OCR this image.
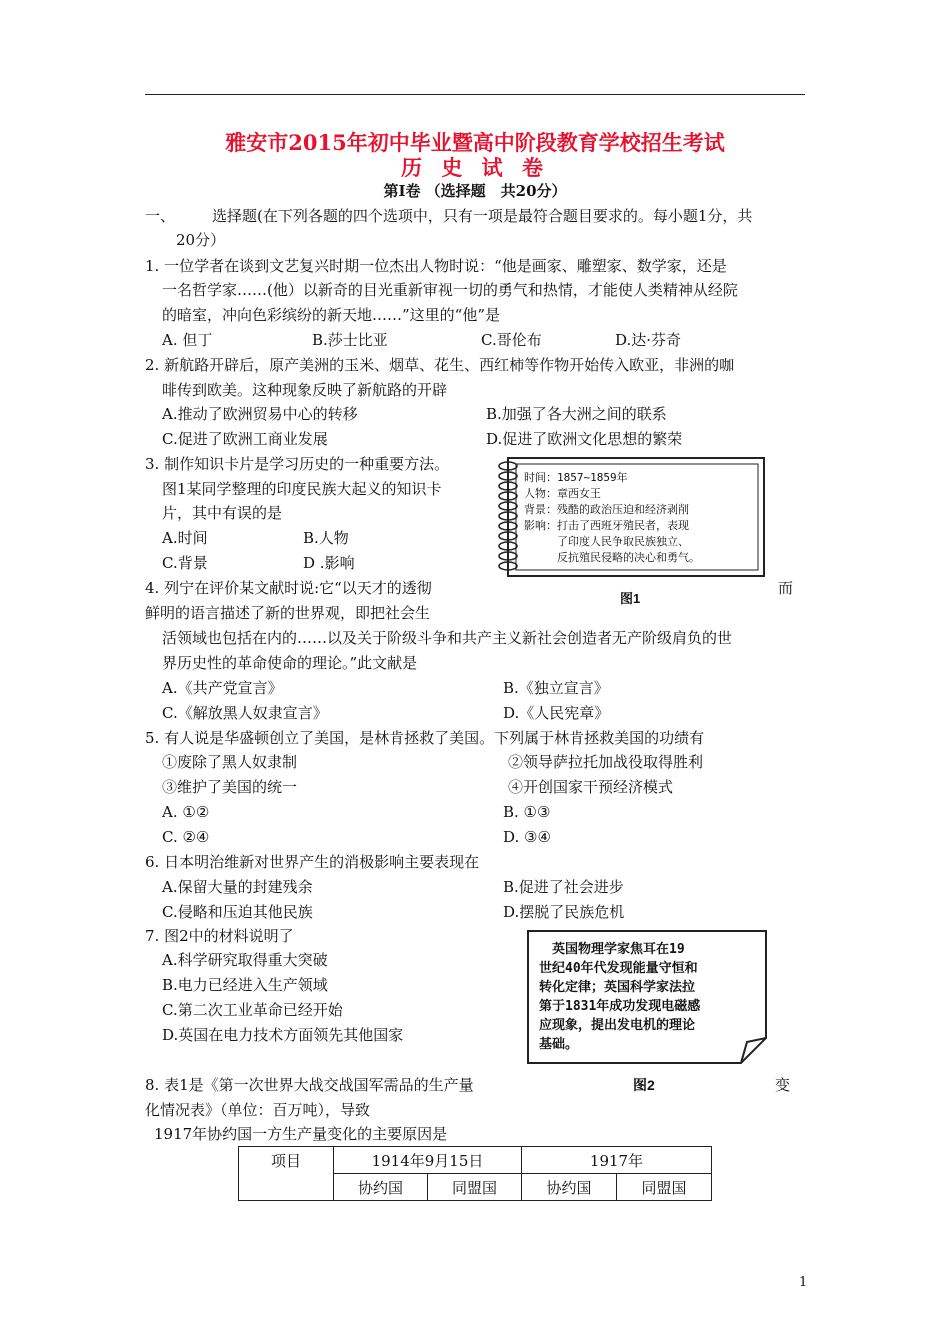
雅安市2015年初中毕业暨高中阶段教育学校招生考试
历 史 试 卷
第Ⅰ卷 （选择题　共20分）
一、 选择题(在下列各题的四个选项中，只有一项是最符合题目要求的。每小题1分，共
20分）
1. 一位学者在谈到文艺复兴时期一位杰出人物时说：“他是画家、雕塑家、数学家，还是
一名哲学家……(他）以新奇的目光重新审视一切的勇气和热情，才能使人类精神从经院
的暗室，冲向色彩缤纷的新天地……”这里的“他”是
A. 但丁	B.莎士比亚	C.哥伦布	D.达·芬奇
2. 新航路开辟后，原产美洲的玉米、烟草、花生、西红柿等作物开始传入欧亚，非洲的咖
啡传到欧美。这种现象反映了新航路的开辟
A.推动了欧洲贸易中心的转移	B.加强了各大洲之间的联系
C.促进了欧洲工商业发展	D.促进了欧洲文化思想的繁荣
3. 制作知识卡片是学习历史的一种重要方法。
图1某同学整理的印度民族大起义的知识卡
片，其中有误的是
A.时间	B.人物
C.背景	D .影响
时间：1857~1859年
人物：章西女王
背景：残酷的政治压迫和经济剥削
影响：打击了西班牙殖民者，表现
　　　了印度人民争取民族独立、
　　　反抗殖民侵略的决心和勇气。
图1
4. 列宁在评价某文献时说:它“以天才的透彻	而
鲜明的语言描述了新的世界观，即把社会生
活领域也包括在内的……以及关于阶级斗争和共产主义新社会创造者无产阶级肩负的世
界历史性的革命使命的理论。”此文献是
A.《共产党宣言》	B.《独立宣言》
C.《解放黑人奴隶宣言》	D.《人民宪章》
5. 有人说是华盛顿创立了美国，是林肯拯救了美国。下列属于林肯拯救美国的功绩有
①废除了黑人奴隶制	②领导萨拉托加战役取得胜利
③维护了美国的统一	④开创国家干预经济模式
A. ①②	B. ①③
C. ②④	D. ③④
6. 日本明治维新对世界产生的消极影响主要表现在
A.保留大量的封建残余	B.促进了社会进步
C.侵略和压迫其他民族	D.摆脱了民族危机
7. 图2中的材料说明了
A.科学研究取得重大突破
B.电力已经进入生产领域
C.第二次工业革命已经开始
D.英国在电力技术方面领先其他国家
　英国物理学家焦耳在19
世纪40年代发现能量守恒和
转化定律；英国科学家法拉
第于1831年成功发现电磁感
应现象，提出发电机的理论
基础。
8. 表1是《第一次世界大战交战国军需品的生产量	图2	变
化情况表》（单位：百万吨），导致
1917年协约国一方生产量变化的主要原因是
项目	1914年9月15日		1917年	
	协约国	同盟国	协约国	同盟国
1
